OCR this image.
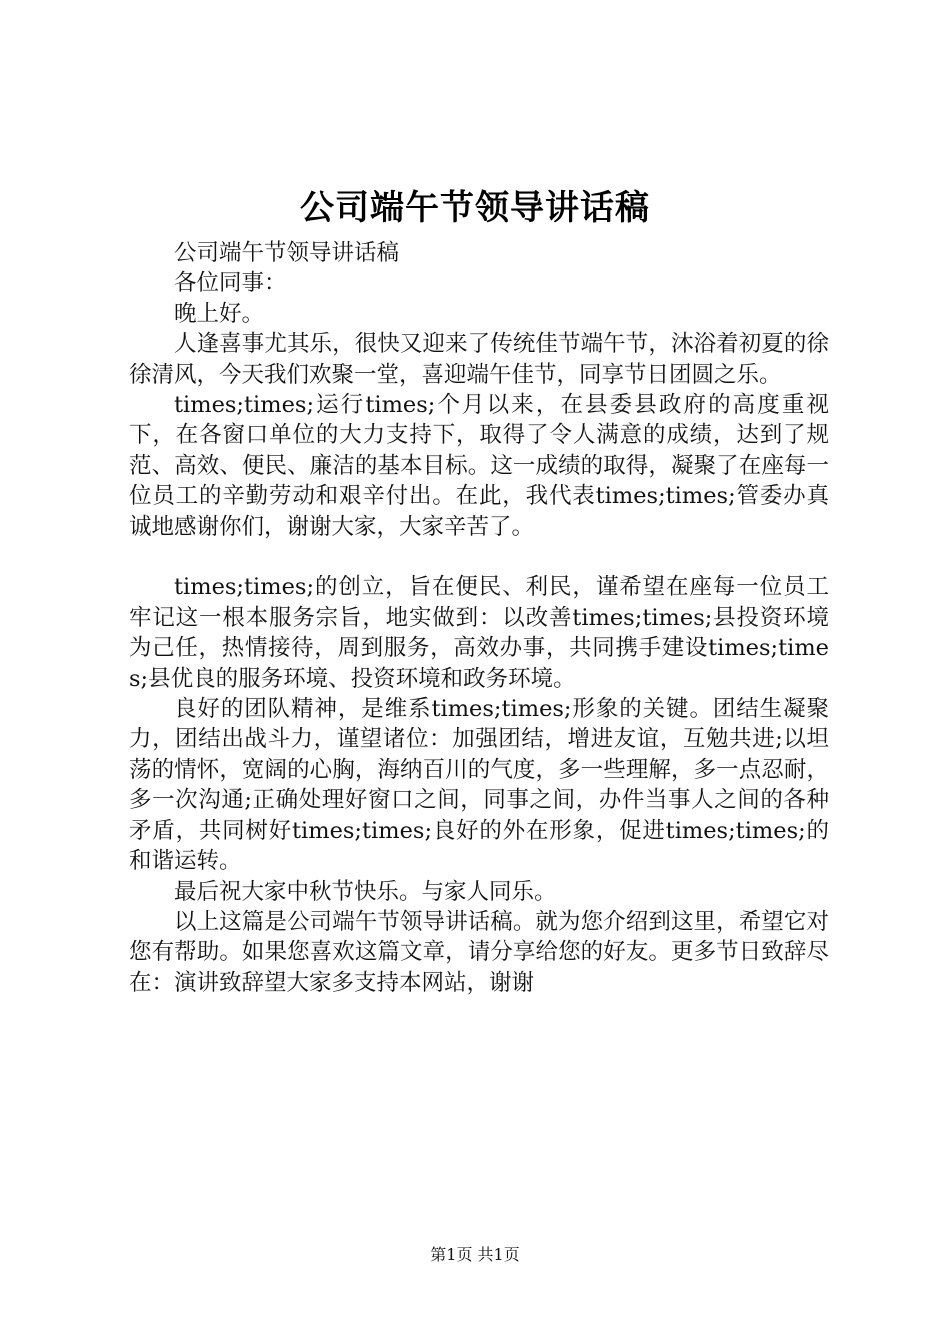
公司端午节领导讲话稿

公司端午节领导讲话稿

各位同事：

晚上好。

人逢喜事尤其乐，很快又迎来了传统佳节端午节，沐浴着初夏的徐徐清风，今天我们欢聚一堂，喜迎端午佳节，同享节日团圆之乐。

times;times;运行times;个月以来，在县委县政府的高度重视下，在各窗口单位的大力支持下，取得了令人满意的成绩，达到了规范、高效、便民、廉洁的基本目标。这一成绩的取得，凝聚了在座每一位员工的辛勤劳动和艰辛付出。在此，我代表times;times;管委办真诚地感谢你们，谢谢大家，大家辛苦了。

times;times;的创立，旨在便民、利民，谨希望在座每一位员工牢记这一根本服务宗旨，地实做到：以改善times;times;县投资环境为己任，热情接待，周到服务，高效办事，共同携手建设times;times;县优良的服务环境、投资环境和政务环境。

良好的团队精神，是维系times;times;形象的关键。团结生凝聚力，团结出战斗力，谨望诸位：加强团结，增进友谊，互勉共进;以坦荡的情怀，宽阔的心胸，海纳百川的气度，多一些理解，多一点忍耐，多一次沟通;正确处理好窗口之间，同事之间，办件当事人之间的各种矛盾，共同树好times;times;良好的外在形象，促进times;times;的和谐运转。

最后祝大家中秋节快乐。与家人同乐。

以上这篇是公司端午节领导讲话稿。就为您介绍到这里，希望它对您有帮助。如果您喜欢这篇文章，请分享给您的好友。更多节日致辞尽在：演讲致辞望大家多支持本网站，谢谢

第1页 共1页
